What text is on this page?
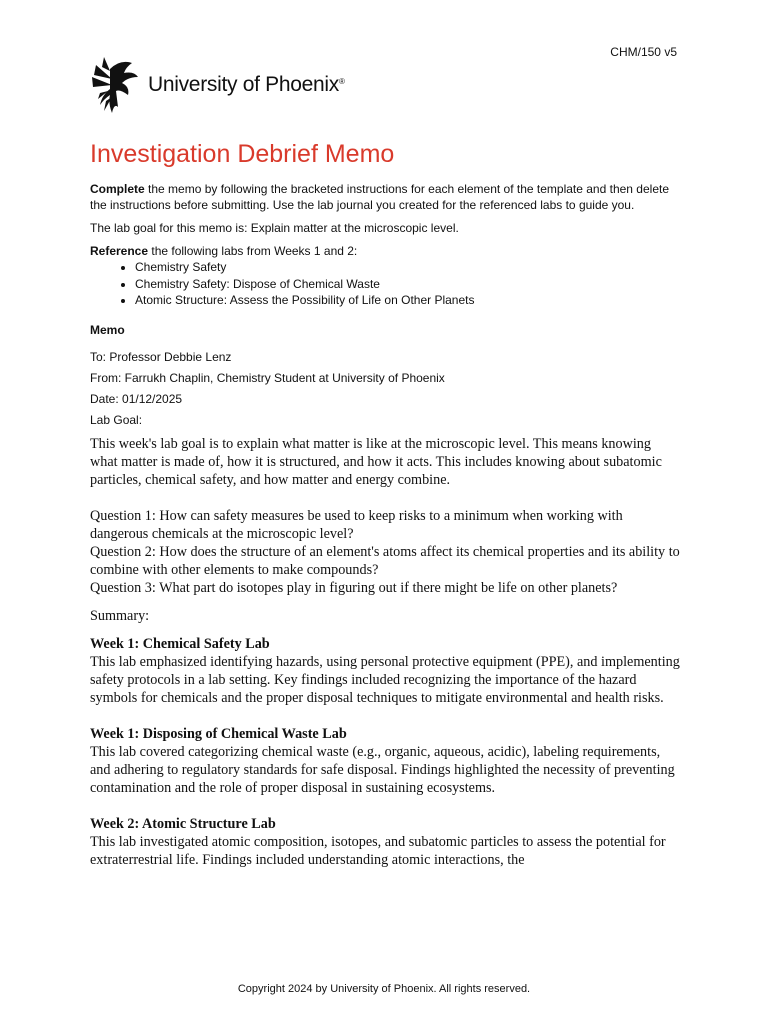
CHM/150 v5
University of Phoenix®
Investigation Debrief Memo

Complete the memo by following the bracketed instructions for each element of the template and then delete the instructions before submitting. Use the lab journal you created for the referenced labs to guide you.

The lab goal for this memo is: Explain matter at the microscopic level.

Reference the following labs from Weeks 1 and 2:

• Chemistry Safety
• Chemistry Safety: Dispose of Chemical Waste
• Atomic Structure: Assess the Possibility of Life on Other Planets
Memo

To: Professor Debbie Lenz

From: Farrukh Chaplin, Chemistry Student at University of Phoenix

Date: 01/12/2025

Lab Goal:

This week's lab goal is to explain what matter is like at the microscopic level. This means knowing what matter is made of, how it is structured, and how it acts. This includes knowing about subatomic particles, chemical safety, and how matter and energy combine.

Question 1: How can safety measures be used to keep risks to a minimum when working with dangerous chemicals at the microscopic level?
Question 2: How does the structure of an element's atoms affect its chemical properties and its ability to combine with other elements to make compounds?
Question 3: What part do isotopes play in figuring out if there might be life on other planets?

Summary:

Week 1: Chemical Safety Lab
This lab emphasized identifying hazards, using personal protective equipment (PPE), and implementing safety protocols in a lab setting. Key findings included recognizing the importance of the hazard symbols for chemicals and the proper disposal techniques to mitigate environmental and health risks.
Week 1: Disposing of Chemical Waste Lab
This lab covered categorizing chemical waste (e.g., organic, aqueous, acidic), labeling requirements, and adhering to regulatory standards for safe disposal. Findings highlighted the necessity of preventing contamination and the role of proper disposal in sustaining ecosystems.
Week 2: Atomic Structure Lab
This lab investigated atomic composition, isotopes, and subatomic particles to assess the potential for extraterrestrial life. Findings included understanding atomic interactions, the
Copyright 2024 by University of Phoenix. All rights reserved.
